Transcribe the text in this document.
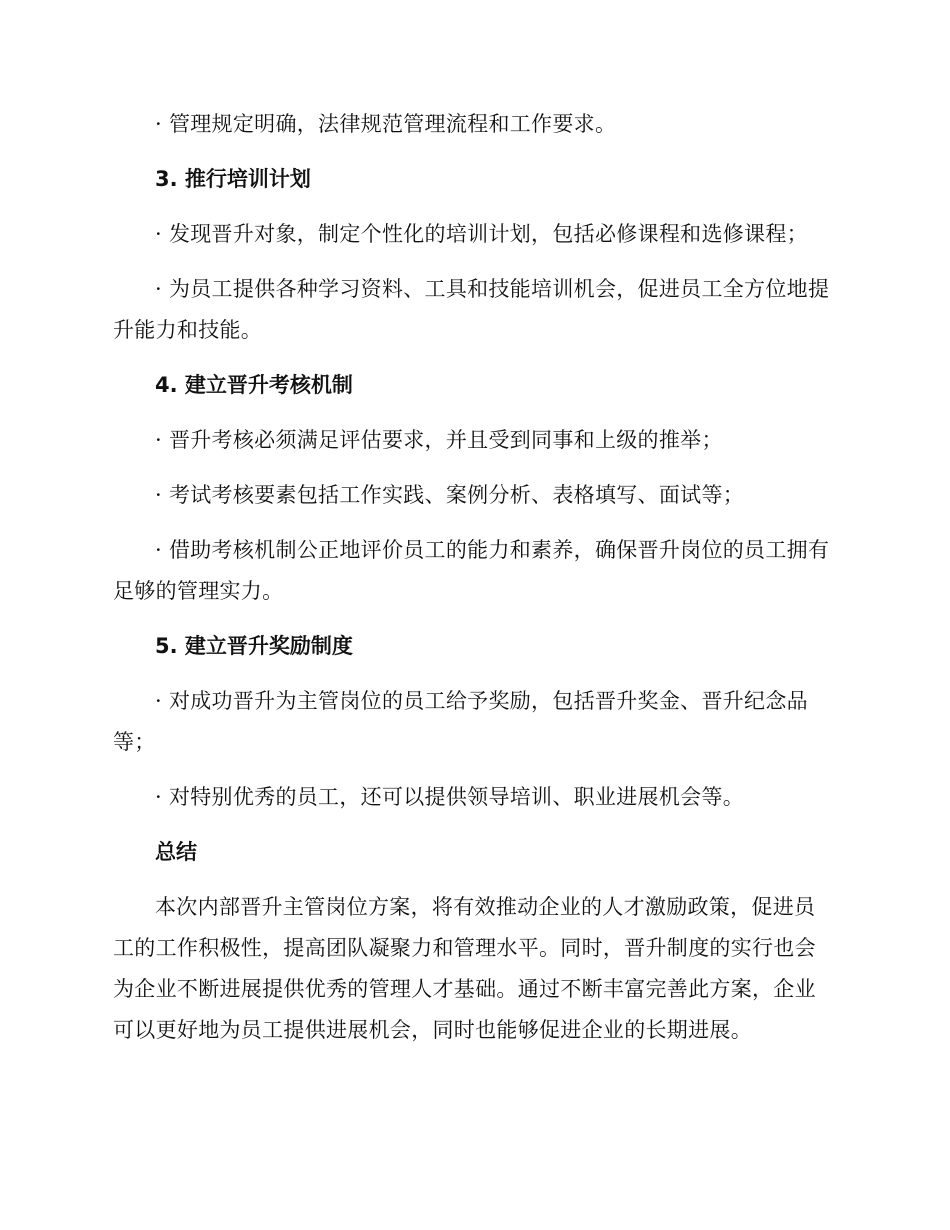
· 管理规定明确，法律规范管理流程和工作要求。

3. 推行培训计划

· 发现晋升对象，制定个性化的培训计划，包括必修课程和选修课程；

· 为员工提供各种学习资料、工具和技能培训机会，促进员工全方位地提升能力和技能。

4. 建立晋升考核机制

· 晋升考核必须满足评估要求，并且受到同事和上级的推举；

· 考试考核要素包括工作实践、案例分析、表格填写、面试等；

· 借助考核机制公正地评价员工的能力和素养，确保晋升岗位的员工拥有足够的管理实力。

5. 建立晋升奖励制度

· 对成功晋升为主管岗位的员工给予奖励，包括晋升奖金、晋升纪念品等；

· 对特别优秀的员工，还可以提供领导培训、职业进展机会等。

总结

本次内部晋升主管岗位方案，将有效推动企业的人才激励政策，促进员工的工作积极性，提高团队凝聚力和管理水平。同时，晋升制度的实行也会为企业不断进展提供优秀的管理人才基础。通过不断丰富完善此方案，企业可以更好地为员工提供进展机会，同时也能够促进企业的长期进展。
